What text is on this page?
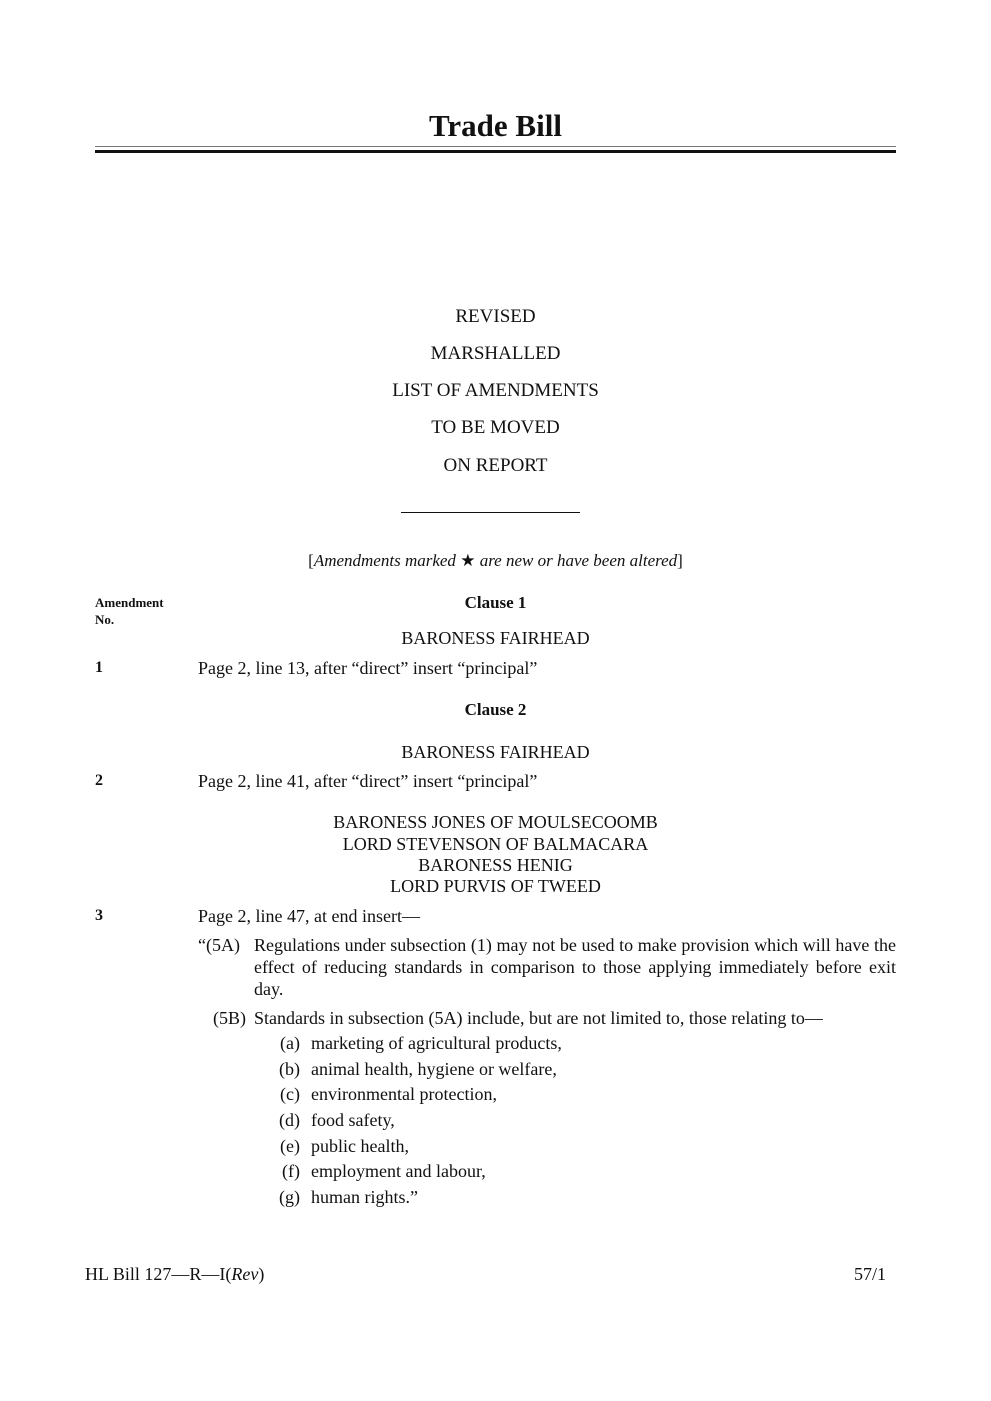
Trade Bill
REVISED
MARSHALLED
LIST OF AMENDMENTS
TO BE MOVED
ON REPORT
[Amendments marked ★ are new or have been altered]
Amendment
No.
Clause 1
BARONESS FAIRHEAD
1	Page 2, line 13, after “direct” insert “principal”
Clause 2
BARONESS FAIRHEAD
2	Page 2, line 41, after “direct” insert “principal”
BARONESS JONES OF MOULSECOOMB
LORD STEVENSON OF BALMACARA
BARONESS HENIG
LORD PURVIS OF TWEED
3	Page 2, line 47, at end insert—
“(5A) Regulations under subsection (1) may not be used to make provision which will have the effect of reducing standards in comparison to those applying immediately before exit day.
(5B) Standards in subsection (5A) include, but are not limited to, those relating to—
(a) marketing of agricultural products,
(b) animal health, hygiene or welfare,
(c) environmental protection,
(d) food safety,
(e) public health,
(f) employment and labour,
(g) human rights.”
HL Bill 127—R—I(Rev)	57/1
